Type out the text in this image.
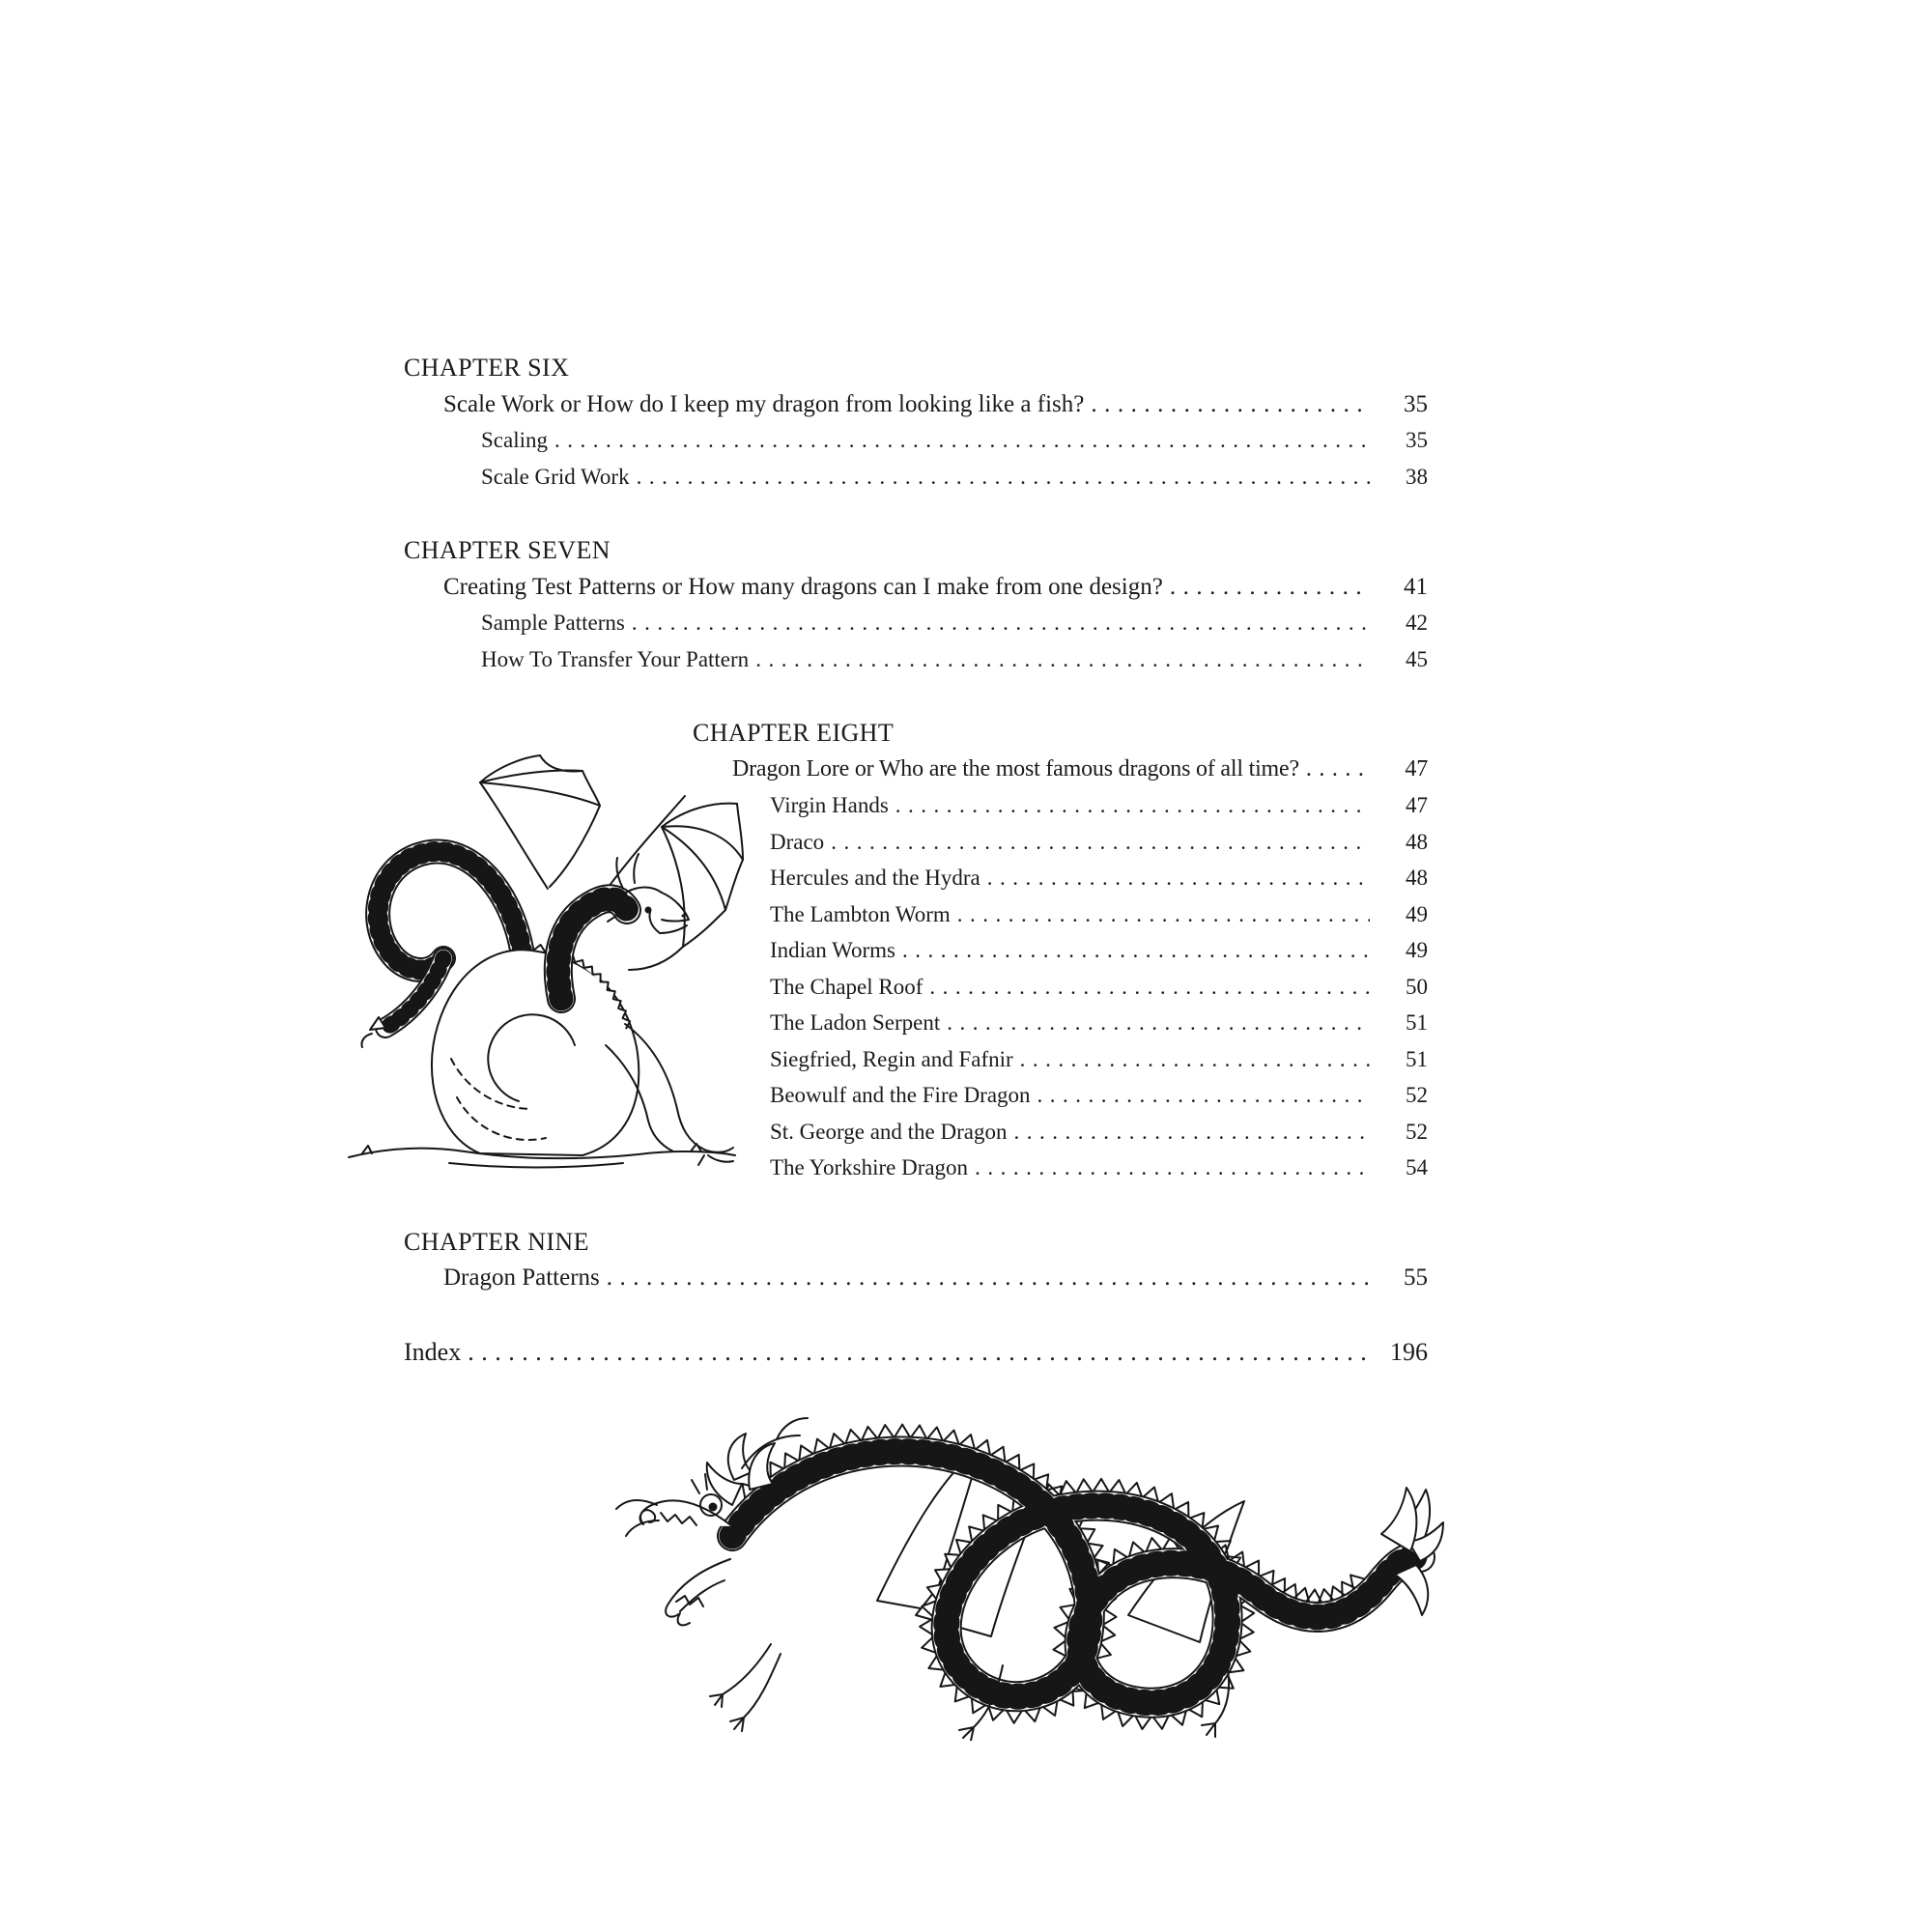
CHAPTER SIX
Scale Work or How do I keep my dragon from looking like a fish? .....	35
Scaling .....	35
Scale Grid Work .....	38
CHAPTER SEVEN
Creating Test Patterns or How many dragons can I make from one design? .....	41
Sample Patterns .....	42
How To Transfer Your Pattern .....	45
CHAPTER EIGHT
Dragon Lore or Who are the most famous dragons of all time? .....	47
Virgin Hands .....	47
Draco .....	48
Hercules and the Hydra .....	48
The Lambton Worm .....	49
Indian Worms .....	49
The Chapel Roof .....	50
The Ladon Serpent .....	51
Siegfried, Regin and Fafnir .....	51
Beowulf and the Fire Dragon .....	52
St. George and the Dragon .....	52
The Yorkshire Dragon .....	54
CHAPTER NINE
Dragon Patterns .....	55
Index .....	196
